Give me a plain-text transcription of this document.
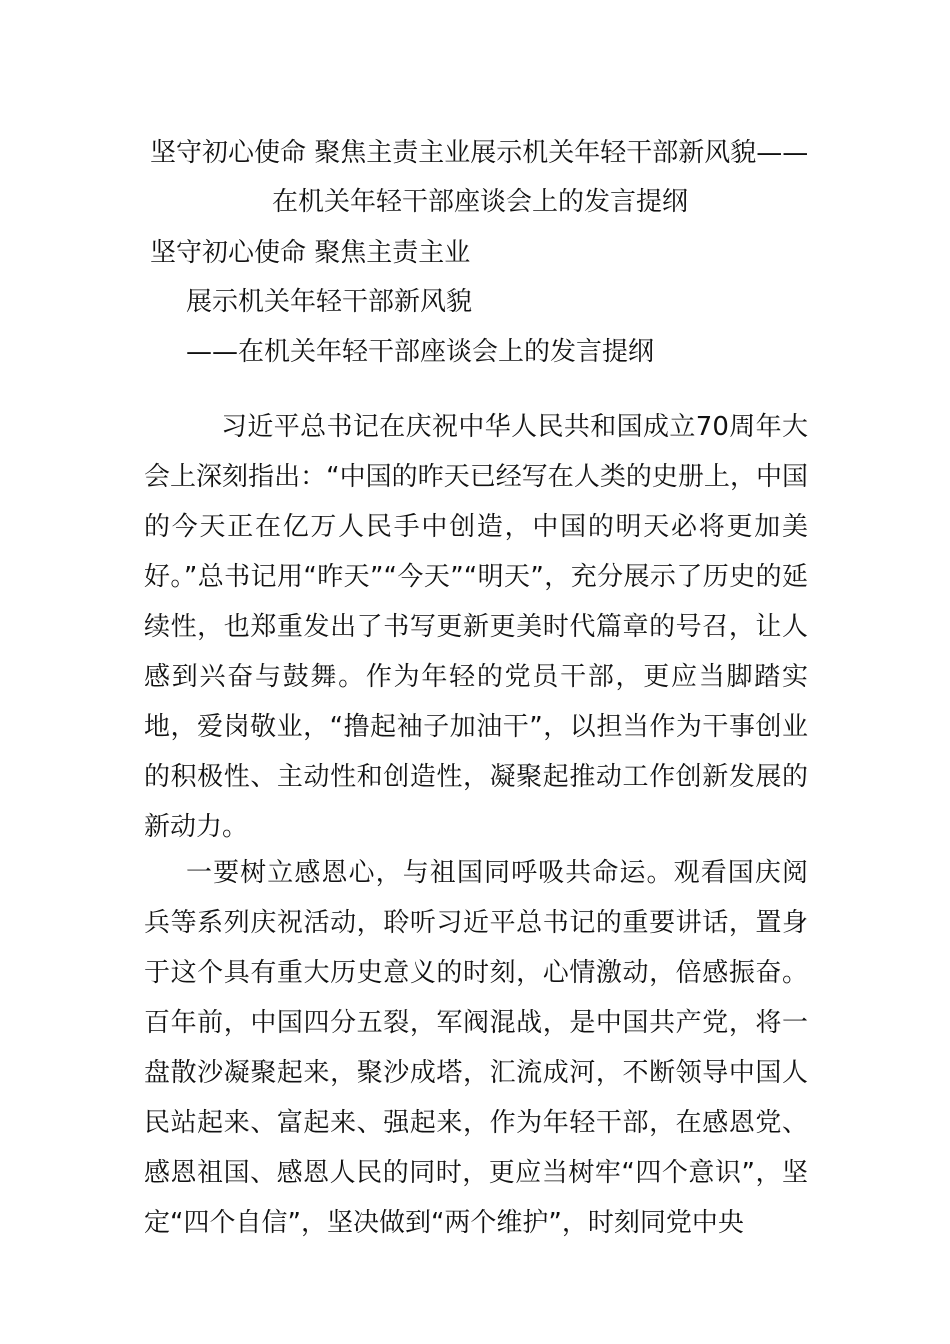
坚守初心使命 聚焦主责主业展示机关年轻干部新风貌——
在机关年轻干部座谈会上的发言提纲
坚守初心使命 聚焦主责主业
展示机关年轻干部新风貌
——在机关年轻干部座谈会上的发言提纲

习近平总书记在庆祝中华人民共和国成立70周年大会上深刻指出：“中国的昨天已经写在人类的史册上，中国的今天正在亿万人民手中创造，中国的明天必将更加美好。”总书记用“昨天”“今天”“明天”，充分展示了历史的延续性，也郑重发出了书写更新更美时代篇章的号召，让人感到兴奋与鼓舞。作为年轻的党员干部，更应当脚踏实地，爱岗敬业，“撸起袖子加油干”，以担当作为干事创业的积极性、主动性和创造性，凝聚起推动工作创新发展的新动力。

一要树立感恩心，与祖国同呼吸共命运。观看国庆阅兵等系列庆祝活动，聆听习近平总书记的重要讲话，置身于这个具有重大历史意义的时刻，心情激动，倍感振奋。百年前，中国四分五裂，军阀混战，是中国共产党，将一盘散沙凝聚起来，聚沙成塔，汇流成河，不断领导中国人民站起来、富起来、强起来，作为年轻干部，在感恩党、感恩祖国、感恩人民的同时，更应当树牢“四个意识”，坚定“四个自信”，坚决做到“两个维护”，时刻同党中央
